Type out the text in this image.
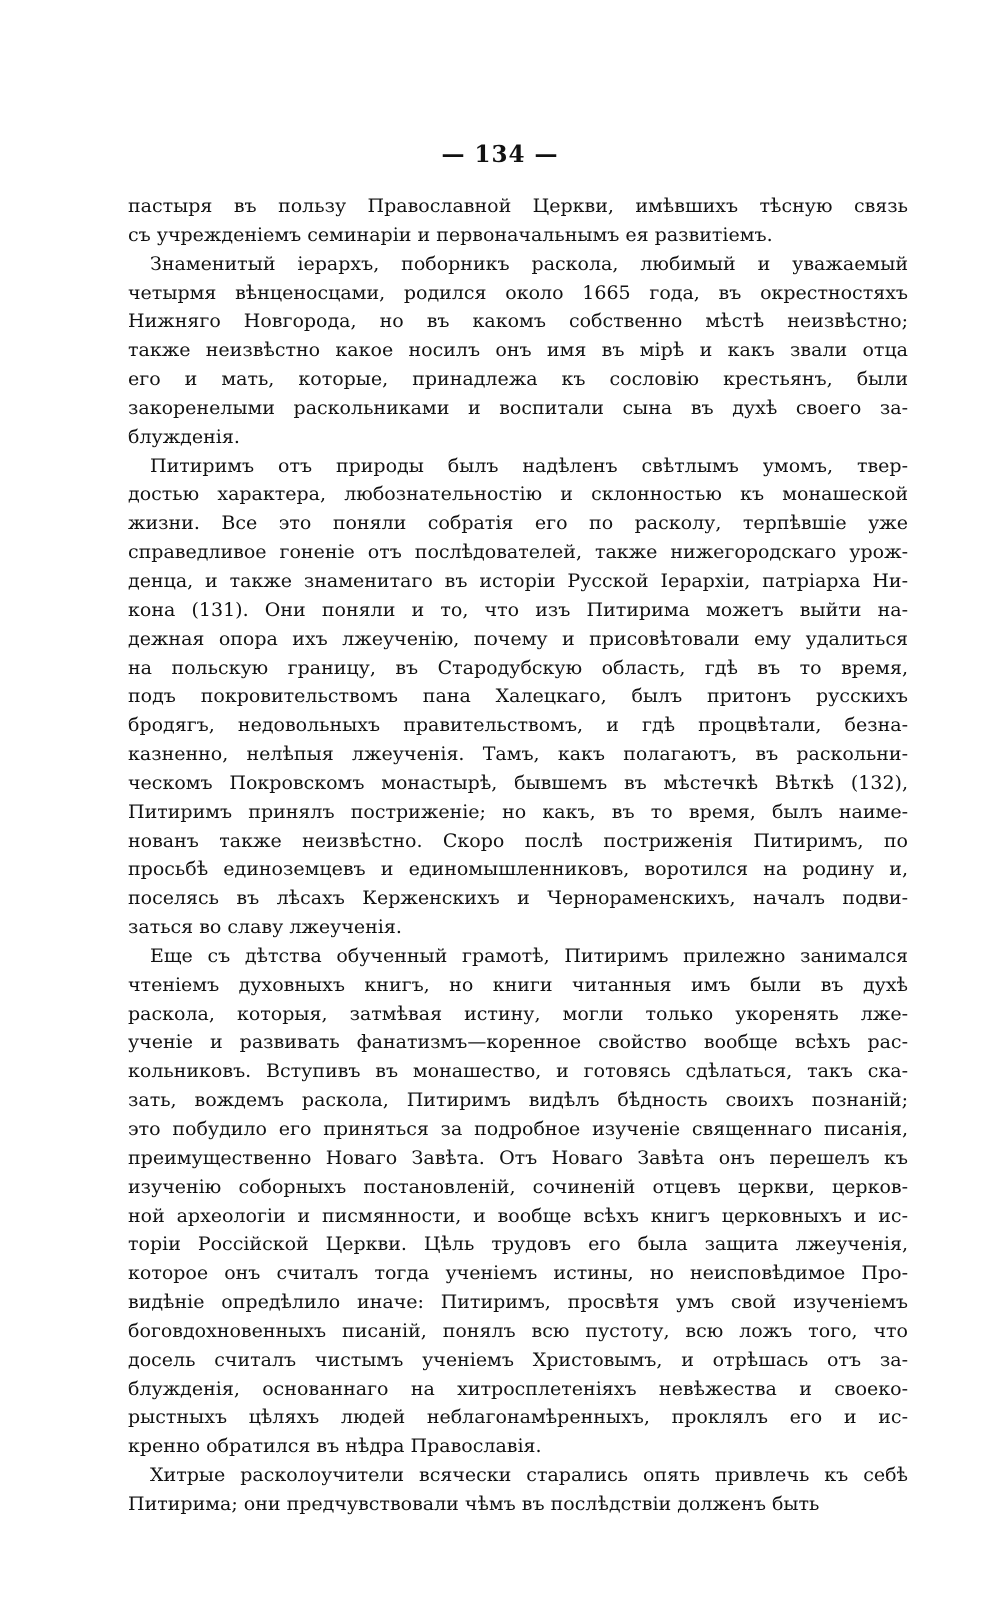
— 134 —
пастыря въ пользу Православной Церкви, имѣвшихъ тѣсную связь
съ учрежденіемъ семинаріи и первоначальнымъ ея развитіемъ.
Знаменитый іерархъ, поборникъ раскола, любимый и уважаемый
четырмя вѣнценосцами, родился около 1665 года, въ окрестностяхъ
Нижняго Новгорода, но въ какомъ собственно мѣстѣ неизвѣстно;
также неизвѣстно какое носилъ онъ имя въ мірѣ и какъ звали отца
его и мать, которые, принадлежа къ сословію крестьянъ, были
закоренелыми раскольниками и воспитали сына въ духѣ своего за-
блужденія.
Питиримъ отъ природы былъ надѣленъ свѣтлымъ умомъ, твер-
достью характера, любознательностію и склонностью къ монашеской
жизни. Все это поняли собратія его по расколу, терпѣвшіе уже
справедливое гоненіе отъ послѣдователей, также нижегородскаго урож-
денца, и также знаменитаго въ исторіи Русской Іерархіи, патріарха Ни-
кона (131). Они поняли и то, что изъ Питирима можетъ выйти на-
дежная опора ихъ лжеученію, почему и присовѣтовали ему удалиться
на польскую границу, въ Стародубскую область, гдѣ въ то время,
подъ покровительствомъ пана Халецкаго, былъ притонъ русскихъ
бродягъ, недовольныхъ правительствомъ, и гдѣ процвѣтали, безна-
казненно, нелѣпыя лжеученія. Тамъ, какъ полагаютъ, въ раскольни-
ческомъ Покровскомъ монастырѣ, бывшемъ въ мѣстечкѣ Вѣткѣ (132),
Питиримъ принялъ постриженіе; но какъ, въ то время, былъ наиме-
нованъ также неизвѣстно. Скоро послѣ постриженія Питиримъ, по
просьбѣ единоземцевъ и единомышленниковъ, воротился на родину и,
поселясь въ лѣсахъ Керженскихъ и Чернораменскихъ, началъ подви-
заться во славу лжеученія.
Еще съ дѣтства обученный грамотѣ, Питиримъ прилежно занимался
чтеніемъ духовныхъ книгъ, но книги читанныя имъ были въ духѣ
раскола, которыя, затмѣвая истину, могли только укоренять лже-
ученіе и развивать фанатизмъ—коренное свойство вообще всѣхъ рас-
кольниковъ. Вступивъ въ монашество, и готовясь сдѣлаться, такъ ска-
зать, вождемъ раскола, Питиримъ видѣлъ бѣдность своихъ познаній;
это побудило его приняться за подробное изученіе священнаго писанія,
преимущественно Новаго Завѣта. Отъ Новаго Завѣта онъ перешелъ къ
изученію соборныхъ постановленій, сочиненій отцевъ церкви, церков-
ной археологіи и писмянности, и вообще всѣхъ книгъ церковныхъ и ис-
торіи Россійской Церкви. Цѣль трудовъ его была защита лжеученія,
которое онъ считалъ тогда ученіемъ истины, но неисповѣдимое Про-
видѣніе опредѣлило иначе: Питиримъ, просвѣтя умъ свой изученіемъ
боговдохновенныхъ писаній, понялъ всю пустоту, всю ложъ того, что
досель считалъ чистымъ ученіемъ Христовымъ, и отрѣшась отъ за-
блужденія, основаннаго на хитросплетеніяхъ невѣжества и своеко-
рыстныхъ цѣляхъ людей неблагонамѣренныхъ, проклялъ его и ис-
кренно обратился въ нѣдра Православія.
Хитрые расколоучители всячески старались опять привлечь къ себѣ
Питирима; они предчувствовали чѣмъ въ послѣдствіи долженъ быть
